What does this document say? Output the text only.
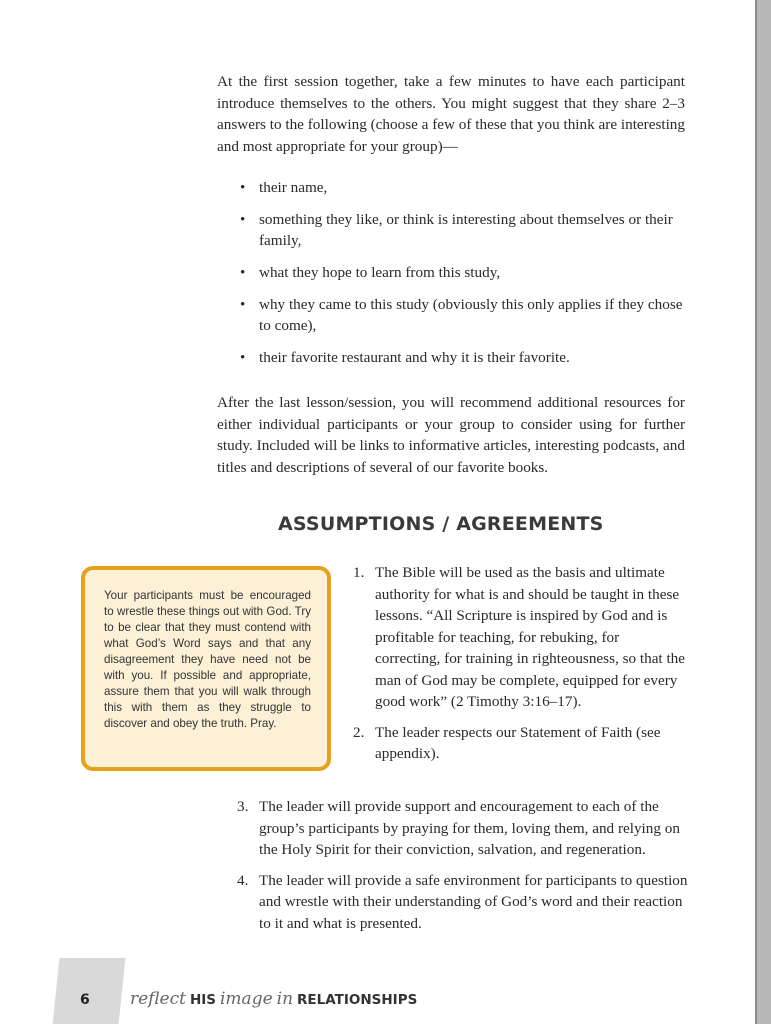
At the first session together, take a few minutes to have each participant introduce themselves to the others. You might suggest that they share 2–3 answers to the following (choose a few of these that you think are interesting and most appropriate for your group)—

• their name,
• something they like, or think is interesting about themselves or their family,
• what they hope to learn from this study,
• why they came to this study (obviously this only applies if they chose to come),
• their favorite restaurant and why it is their favorite.

After the last lesson/session, you will recommend additional resources for either individual participants or your group to consider using for further study. Included will be links to informative articles, interesting podcasts, and titles and descriptions of several of our favorite books.

ASSUMPTIONS / AGREEMENTS

Your participants must be encouraged to wrestle these things out with God. Try to be clear that they must contend with what God’s Word says and that any disagreement they have need not be with you. If possible and appropriate, assure them that you will walk through this with them as they struggle to discover and obey the truth. Pray.

1. The Bible will be used as the basis and ultimate authority for what is and should be taught in these lessons. “All Scripture is inspired by God and is profitable for teaching, for rebuking, for correcting, for training in righteousness, so that the man of God may be complete, equipped for every good work” (2 Timothy 3:16–17).
2. The leader respects our Statement of Faith (see appendix).
3. The leader will provide support and encouragement to each of the group’s participants by praying for them, loving them, and relying on the Holy Spirit for their conviction, salvation, and regeneration.
4. The leader will provide a safe environment for participants to question and wrestle with their understanding of God’s word and their reaction to it and what is presented.
6 reflect HIS image in RELATIONSHIPS
